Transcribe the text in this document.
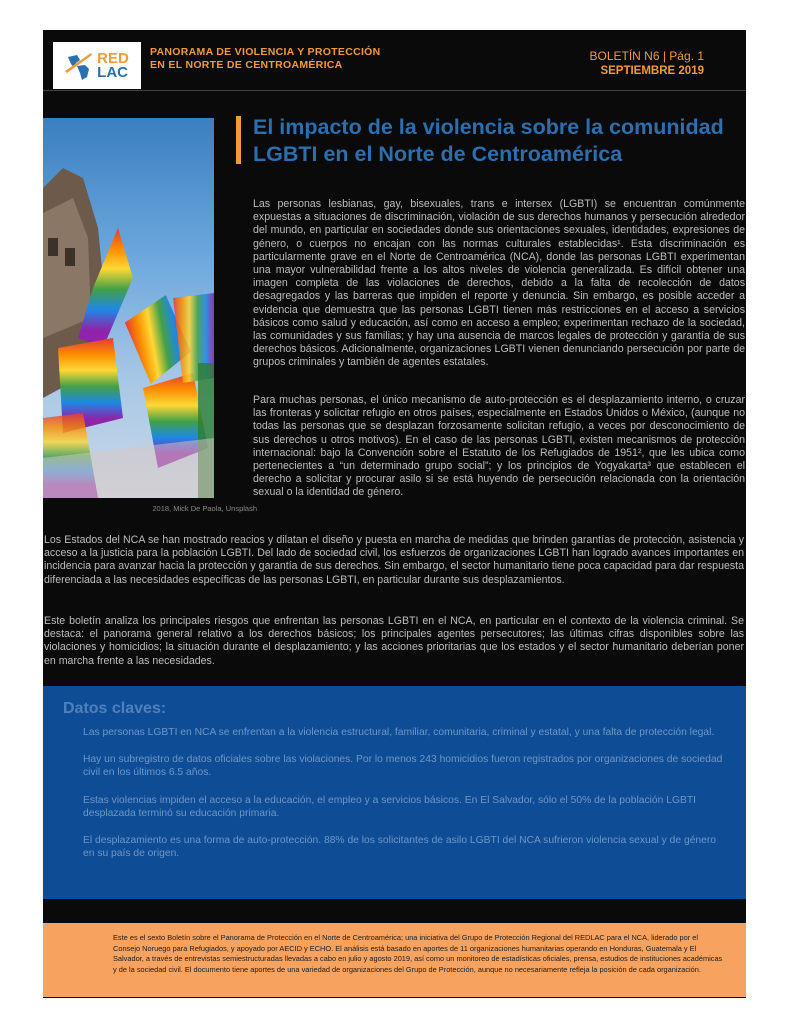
RED
LAC
PANORAMA DE VIOLENCIA Y PROTECCIÓN
EN EL NORTE DE CENTROAMÉRICA
BOLETÍN N6 | Pág. 1
SEPTIEMBRE 2019
2018, Mick De Paola, Unsplash
El impacto de la violencia sobre la comunidad
LGBTI en el Norte de Centroamérica

Las personas lesbianas, gay, bisexuales, trans e intersex (LGBTI) se encuentran comúnmente expuestas a situaciones de discriminación, violación de sus derechos humanos y persecución alrededor del mundo, en particular en sociedades donde sus orientaciones sexuales, identidades, expresiones de género, o cuerpos no encajan con las normas culturales establecidas¹. Esta discriminación es particularmente grave en el Norte de Centroamérica (NCA), donde las personas LGBTI experimentan una mayor vulnerabilidad frente a los altos niveles de violencia generalizada. Es difícil obtener una imagen completa de las violaciones de derechos, debido a la falta de recolección de datos desagregados y las barreras que impiden el reporte y denuncia. Sin embargo, es posible acceder a evidencia que demuestra que las personas LGBTI tienen más restricciones en el acceso a servicios básicos como salud y educación, así como en acceso a empleo; experimentan rechazo de la sociedad, las comunidades y sus familias; y hay una ausencia de marcos legales de protección y garantía de sus derechos básicos. Adicionalmente, organizaciones LGBTI vienen denunciando persecución por parte de grupos criminales y también de agentes estatales.

Para muchas personas, el único mecanismo de auto-protección es el desplazamiento interno, o cruzar las fronteras y solicitar refugio en otros países, especialmente en Estados Unidos o México, (aunque no todas las personas que se desplazan forzosamente solicitan refugio, a veces por desconocimiento de sus derechos u otros motivos). En el caso de las personas LGBTI, existen mecanismos de protección internacional: bajo la Convención sobre el Estatuto de los Refugiados de 1951², que les ubica como pertenecientes a “un determinado grupo social”; y los principios de Yogyakarta³ que establecen el derecho a solicitar y procurar asilo si se está huyendo de persecución relacionada con la orientación sexual o la identidad de género.

Los Estados del NCA se han mostrado reacios y dilatan el diseño y puesta en marcha de medidas que brinden garantías de protección, asistencia y acceso a la justicia para la población LGBTI. Del lado de sociedad civil, los esfuerzos de organizaciones LGBTI han logrado avances importantes en incidencia para avanzar hacia la protección y garantía de sus derechos. Sin embargo, el sector humanitario tiene poca capacidad para dar respuesta diferenciada a las necesidades específicas de las personas LGBTI, en particular durante sus desplazamientos.

Este boletín analiza los principales riesgos que enfrentan las personas LGBTI en el NCA, en particular en el contexto de la violencia criminal. Se destaca: el panorama general relativo a los derechos básicos; los principales agentes persecutores; las últimas cifras disponibles sobre las violaciones y homicidios; la situación durante el desplazamiento; y las acciones prioritarias que los estados y el sector humanitario deberían poner en marcha frente a las necesidades.

Datos claves:
Las personas LGBTI en NCA se enfrentan a la violencia estructural, familiar, comunitaria, criminal y estatal, y una falta de protección legal.
Hay un subregistro de datos oficiales sobre las violaciones. Por lo menos 243 homicidios fueron registrados por organizaciones de sociedad civil en los últimos 6.5 años.
Estas violencias impiden el acceso a la educación, el empleo y a servicios básicos. En El Salvador, sólo el 50% de la población LGBTI desplazada terminó su educación primaria.
El desplazamiento es una forma de auto-protección. 88% de los solicitantes de asilo LGBTI del NCA sufrieron violencia sexual y de género en su país de origen.

Este es el sexto Boletín sobre el Panorama de Protección en el Norte de Centroamérica; una iniciativa del Grupo de Protección Regional del REDLAC para el NCA, liderado por el Consejo Noruego para Refugiados, y apoyado por AECID y ECHO. El análisis está basado en aportes de 11 organizaciones humanitarias operando en Honduras, Guatemala y El Salvador, a través de entrevistas semiestructuradas llevadas a cabo en julio y agosto 2019, así como un monitoreo de estadísticas oficiales, prensa, estudios de instituciones académicas y de la sociedad civil. El documento tiene aportes de una variedad de organizaciones del Grupo de Protección, aunque no necesariamente refleja la posición de cada organización.
